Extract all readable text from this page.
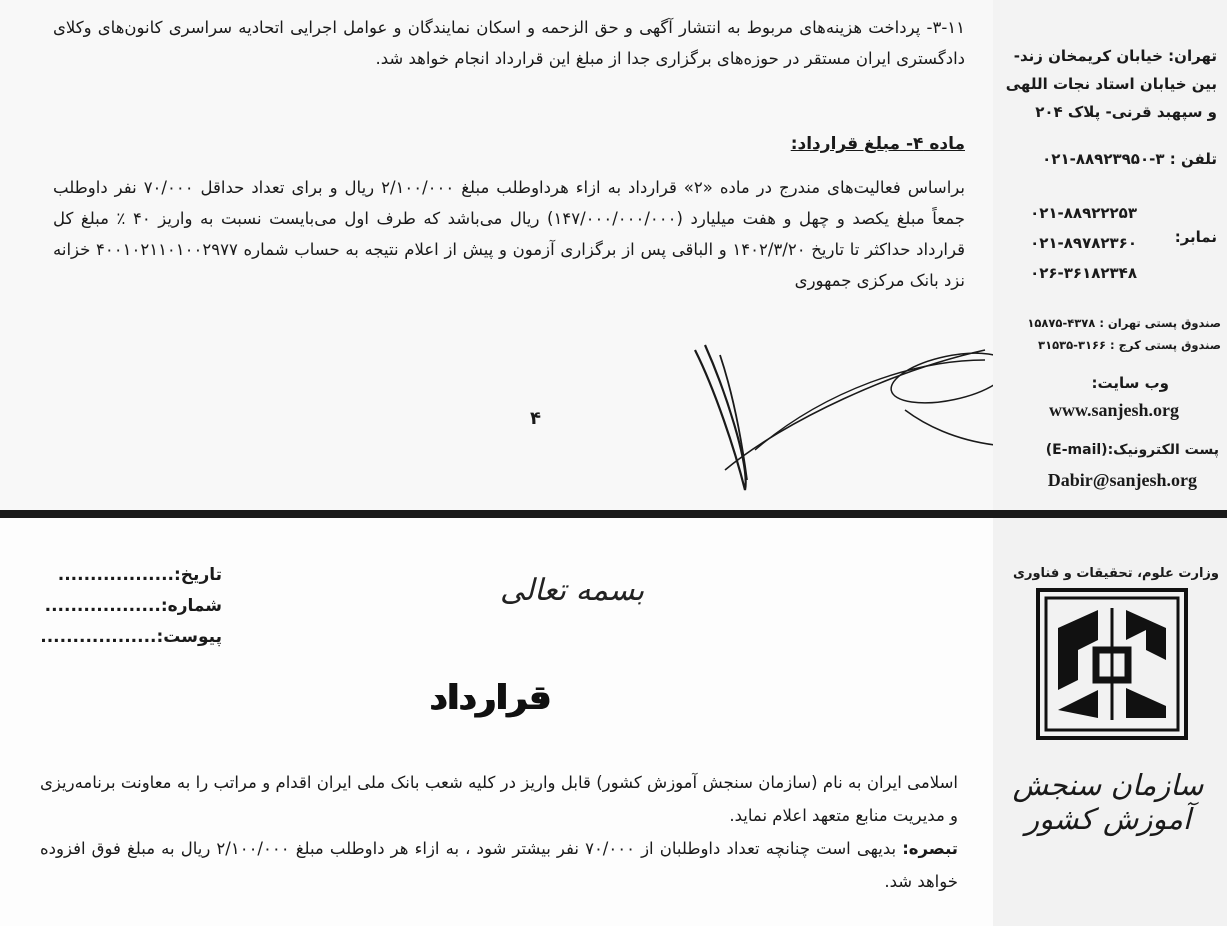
۳-۱۱- پرداخت هزینه‌های مربوط به انتشار آگهی و حق الزحمه و اسکان نمایندگان و عوامل اجرایی اتحادیه سراسری کانون‌های وکلای دادگستری ایران مستقر در حوزه‌های برگزاری جدا از مبلغ این قرارداد انجام خواهد شد.

ماده ۴- مبلغ قرارداد:

براساس فعالیت‌های مندرج در ماده «۲» قرارداد به ازاء هرداوطلب مبلغ ۲/۱۰۰/۰۰۰ ریال و برای تعداد حداقل ۷۰/۰۰۰ نفر داوطلب جمعاً مبلغ یکصد و چهل و هفت میلیارد (۱۴۷/۰۰۰/۰۰۰/۰۰۰) ریال می‌باشد که طرف اول می‌بایست نسبت به واریز ۴۰ ٪ مبلغ کل قرارداد حداکثر تا تاریخ ۱۴۰۲/۳/۲۰ و الباقی پس از برگزاری آزمون و پیش از اعلام نتیجه به حساب شماره ۴۰۰۱۰۲۱۱۰۱۰۰۲۹۷۷ خزانه نزد بانک مرکزی جمهوری

۴
تهران: خیابان کریمخان زند- بین خیابان استاد نجات اللهی و سپهبد قرنی- پلاک ۲۰۴
تلفن : ۳-۸۸۹۲۳۹۵۰-۰۲۱
نمابر:
۰۲۱-۸۸۹۲۲۲۵۳
۰۲۱-۸۹۷۸۲۳۶۰
۰۲۶-۳۶۱۸۲۳۴۸
صندوق پستی تهران : ۴۳۷۸-۱۵۸۷۵
صندوق پستی کرج : ۳۱۶۶-۳۱۵۳۵
وب سایت:
www.sanjesh.org
پست الکترونیک:(E-mail)
Dabir@sanjesh.org
تاریخ:..................
شماره:..................
پیوست:..................
بسمه تعالی
قرارداد

اسلامی ایران به نام (سازمان سنجش آموزش کشور) قابل واریز در کلیه شعب بانک ملی ایران اقدام و مراتب را به معاونت برنامه‌ریزی و مدیریت منابع متعهد اعلام نماید.

تبصره: بدیهی است چنانچه تعداد داوطلبان از ۷۰/۰۰۰ نفر بیشتر شود ، به ازاء هر داوطلب مبلغ ۲/۱۰۰/۰۰۰ ریال به مبلغ فوق افزوده خواهد شد.

وزارت علوم، تحقیقات و فناوری
سازمان سنجش آموزش کشور
